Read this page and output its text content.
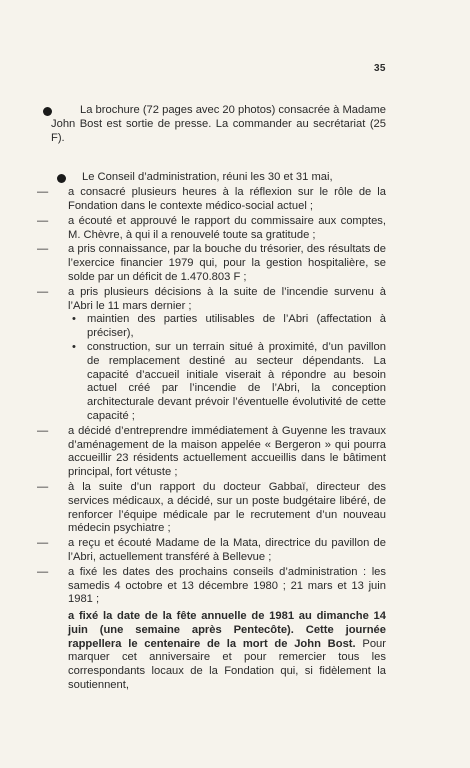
35
La brochure (72 pages avec 20 photos) consacrée à Madame John Bost est sortie de presse. La commander au secrétariat (25 F).
Le Conseil d’administration, réuni les 30 et 31 mai,
— a consacré plusieurs heures à la réflexion sur le rôle de la Fondation dans le contexte médico-social actuel ;
— a écouté et approuvé le rapport du commissaire aux comptes, M. Chèvre, à qui il a renouvelé toute sa gratitude ;
— a pris connaissance, par la bouche du trésorier, des résultats de l’exercice financier 1979 qui, pour la gestion hospitalière, se solde par un déficit de 1.470.803 F ;
— a pris plusieurs décisions à la suite de l’incendie survenu à l’Abri le 11 mars dernier ;
• maintien des parties utilisables de l’Abri (affectation à préciser),
• construction, sur un terrain situé à proximité, d’un pavillon de remplacement destiné au secteur dépendants. La capacité d’accueil initiale viserait à répondre au besoin actuel créé par l’incendie de l’Abri, la conception architecturale devant prévoir l’éventuelle évolutivité de cette capacité ;
— a décidé d’entreprendre immédiatement à Guyenne les travaux d’aménagement de la maison appelée « Bergeron » qui pourra accueillir 23 résidents actuellement accueillis dans le bâtiment principal, fort vétuste ;
— à la suite d’un rapport du docteur Gabbaï, directeur des services médicaux, a décidé, sur un poste budgétaire libéré, de renforcer l’équipe médicale par le recrutement d’un nouveau médecin psychiatre ;
— a reçu et écouté Madame de la Mata, directrice du pavillon de l’Abri, actuellement transféré à Bellevue ;
— a fixé les dates des prochains conseils d’administration : les samedis 4 octobre et 13 décembre 1980 ; 21 mars et 13 juin 1981 ;
a fixé la date de la fête annuelle de 1981 au dimanche 14 juin (une semaine après Pentecôte). Cette journée rappellera le centenaire de la mort de John Bost. Pour marquer cet anniversaire et pour remercier tous les correspondants locaux de la Fondation qui, si fidèlement la soutiennent,
